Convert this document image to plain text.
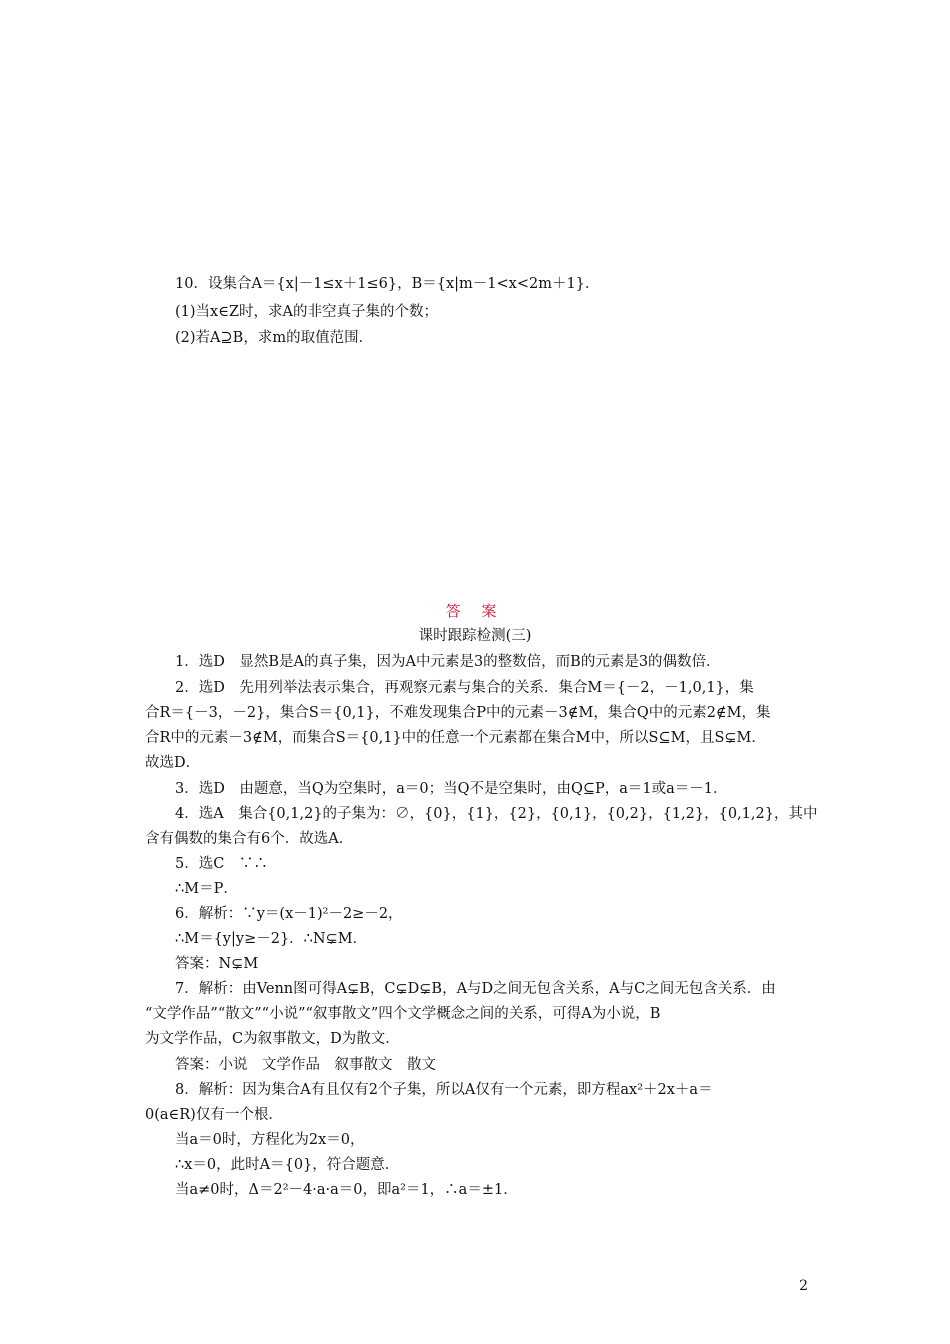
10．设集合A＝{x|－1≤x＋1≤6}，B＝{x|m－1<x<2m＋1}．
(1)当x∈Z时，求A的非空真子集的个数；
(2)若A⊇B，求m的取值范围．
答 案
课时跟踪检测(三)
1．选D　显然B是A的真子集，因为A中元素是3的整数倍，而B的元素是3的偶数倍．
2．选D　先用列举法表示集合，再观察元素与集合的关系．集合M＝{－2，－1,0,1}，集
合R＝{－3，－2}，集合S＝{0,1}，不难发现集合P中的元素－3∉M，集合Q中的元素2∉M，集
合R中的元素－3∉M，而集合S＝{0,1}中的任意一个元素都在集合M中，所以S⊆M，且S⊊M．
故选D．
3．选D　由题意，当Q为空集时，a＝0；当Q不是空集时，由Q⊆P，a＝1或a＝－1．
4．选A　集合{0,1,2}的子集为：∅，{0}，{1}，{2}，{0,1}，{0,2}，{1,2}，{0,1,2}，其中
含有偶数的集合有6个．故选A．
5．选C　∵∴
∴M＝P．
6．解析：∵y＝(x－1)²－2≥－2，
∴M＝{y|y≥－2}．∴N⊊M．
答案：N⊊M
7．解析：由Venn图可得A⊊B，C⊊D⊊B，A与D之间无包含关系，A与C之间无包含关系．由
“文学作品”“散文”“小说”“叙事散文”四个文学概念之间的关系，可得A为小说，B
为文学作品，C为叙事散文，D为散文．
答案：小说　文学作品　叙事散文　散文
8．解析：因为集合A有且仅有2个子集，所以A仅有一个元素，即方程ax²＋2x＋a＝
0(a∈R)仅有一个根．
当a＝0时，方程化为2x＝0，
∴x＝0，此时A＝{0}，符合题意．
当a≠0时，Δ＝2²－4·a·a＝0，即a²＝1，∴a＝±1．
2
